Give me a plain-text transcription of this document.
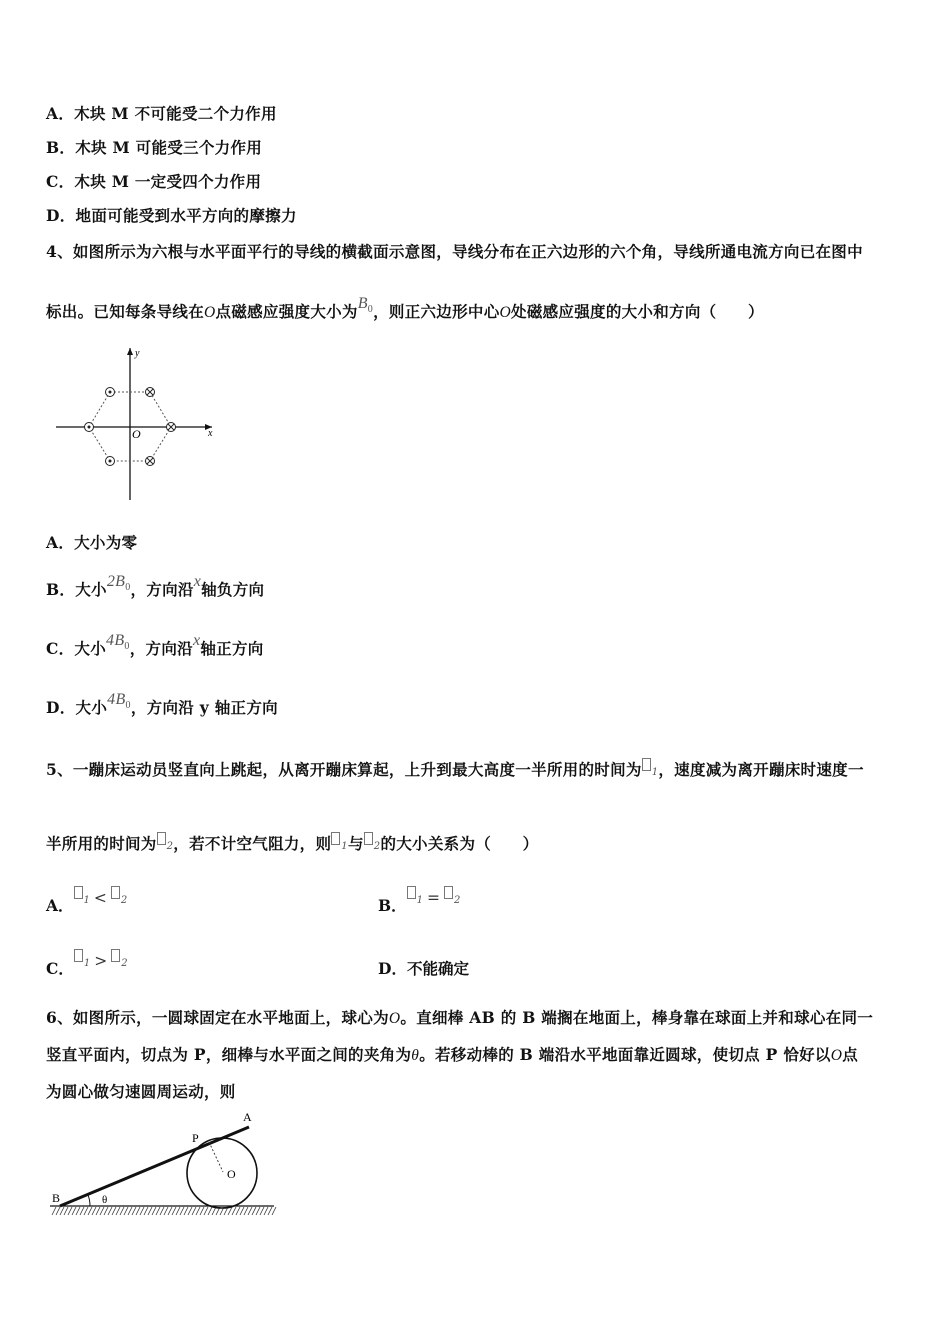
A．木块 M 不可能受二个力作用
B．木块 M 可能受三个力作用
C．木块 M 一定受四个力作用
D．地面可能受到水平方向的摩擦力
4、如图所示为六根与水平面平行的导线的横截面示意图，导线分布在正六边形的六个角，导线所通电流方向已在图中
标出。已知每条导线在O点磁感应强度大小为$B_0$，则正六边形中心O处磁感应强度的大小和方向（　　）
x
y
O
A．大小为零
B．大小$2B_0$，方向沿x轴负方向
C．大小$4B_0$，方向沿x轴正方向
D．大小$4B_0$，方向沿 y 轴正方向
5、一蹦床运动员竖直向上跳起，从离开蹦床算起，上升到最大高度一半所用的时间为 1，速度减为离开蹦床时速度一
半所用的时间为 2，若不计空气阻力，则 1与 2的大小关系为（　　）
A． 1 < 2	B． 1 = 2
C． 1 > 2	D．不能确定
6、如图所示，一圆球固定在水平地面上，球心为O。直细棒 AB 的 B 端搁在地面上，棒身靠在球面上并和球心在同一
竖直平面内，切点为 P，细棒与水平面之间的夹角为θ。若移动棒的 B 端沿水平地面靠近圆球，使切点 P 恰好以O点
为圆心做匀速圆周运动，则
A
B
P
O
θ
